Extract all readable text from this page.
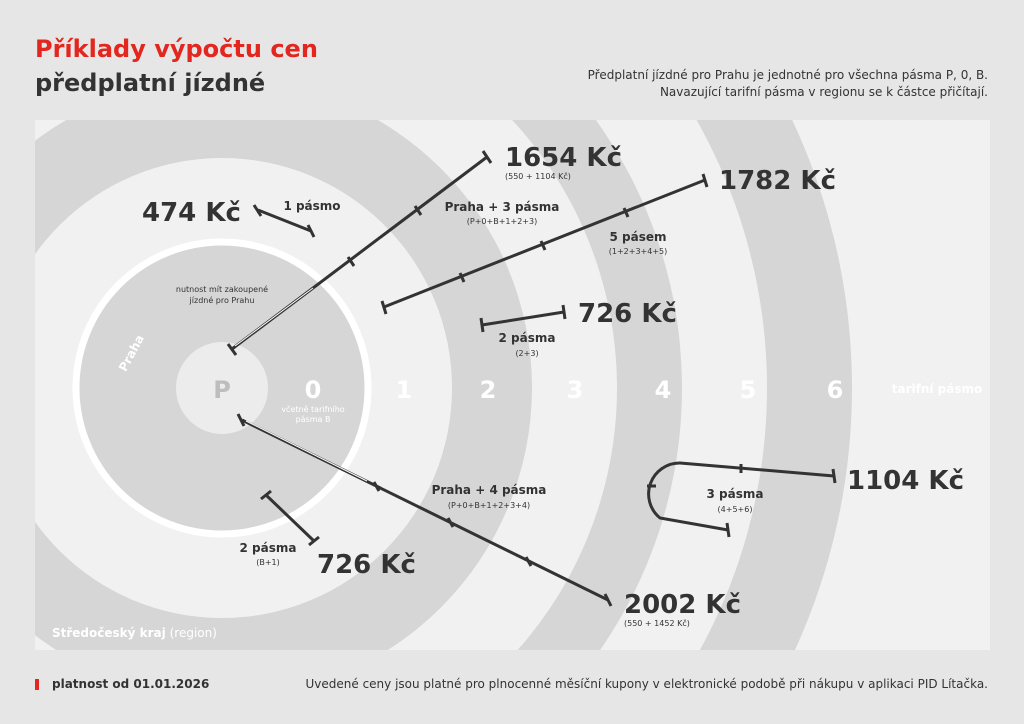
Příklady výpočtu cen
předplatní jízdné	Předplatní jízdné pro Prahu je jednotné pro všechna pásma P, 0, B.
Navazující tarifní pásma v regionu se k částce přičítají.
P	0	1	2	3	4	5	6	tarifní pásmo
včetně tarifního
pásma B
Praha
nutnost mít zakoupené
jízdné pro Prahu
Středočeský kraj (region)
474 Kč	1 pásmo
1654 Kč
(550 + 1104 Kč)
Praha + 3 pásma
(P+0+B+1+2+3)
1782 Kč
5 pásem
(1+2+3+4+5)
726 Kč
2 pásma
(2+3)
1104 Kč
3 pásma
(4+5+6)
2002 Kč
(550 + 1452 Kč)
Praha + 4 pásma
(P+0+B+1+2+3+4)
726 Kč
2 pásma
(B+1)
platnost od 01.01.2026	Uvedené ceny jsou platné pro plnocenné měsíční kupony v elektronické podobě při nákupu v aplikaci PID Lítačka.
